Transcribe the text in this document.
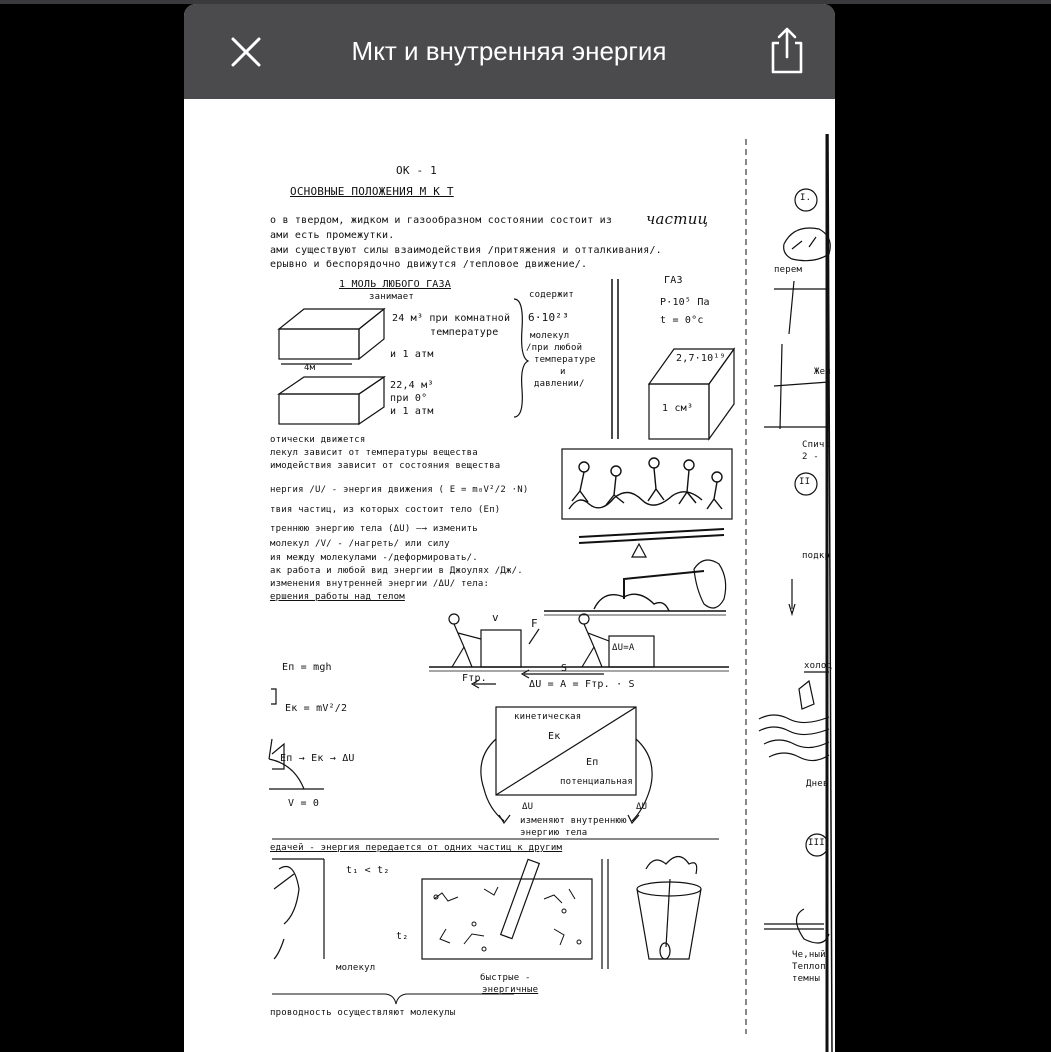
Мкт и внутренняя энергия
ОК - 1
ОСНОВНЫЕ ПОЛОЖЕНИЯ М К Т
о в твердом, жидком и газообразном состоянии состоит из частиц
ами есть промежутки.
ами существуют силы взаимодействия /притяжения и отталкивания/.
ерывно и беспорядочно движутся /тепловое движение/.
1 МОЛЬ ЛЮБОГО ГАЗА
занимает
24 м³ при комнатной
температуре
и 1 атм
4м
22,4 м³
при 0°
и 1 атм
содержит
6·10²³
молекул
/при любой
температуре
и
давлении/
ГАЗ
P·10⁵ Па
t = 0°c
2,7·10¹⁹
1 см³
отически движется
лекул зависит от температуры вещества
имодействия зависит от состояния вещества
нергия /U/ - энергия движения ( E = m₀V²/2 ·N)
твия частиц, из которых состоит тело (Eп)
треннюю энергию тела (ΔU) —→ изменить
молекул /V/ - /нагреть/ или силу
ия между молекулами -/деформировать/.
ак работа и любой вид энергии в Джоулях /Дж/.
изменения внутренней энергии /ΔU/ тела:
ершения работы над телом
v	F
ΔU=A
Fтр.
S
ΔU = A = Fтр. · S
Eп = mgh
Eк = mV²/2
Eп → Eк → ΔU
V = 0
кинетическая
Eк
Eп
потенциальная
ΔU	ΔU
изменяют внутреннюю
энергию тела
едачей - энергия передается от одних частиц к другим
t₁ < t₂
t₂
молекул
быстрые -
энергичные
проводность осуществляют молекулы
I.
перем
Жел
Спичк
2 -
II
подкр
холод
Днев
III
Че,ный
Теплоп
темны
